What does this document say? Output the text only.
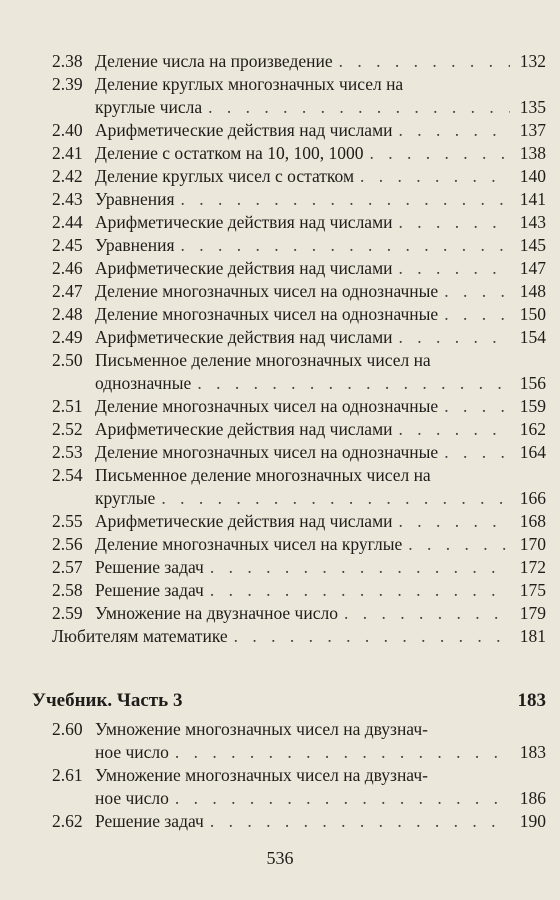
2.38 Деление числа на произведение . . .	132
2.39 Деление круглых многозначных чисел на
круглые числа . . .	135
2.40 Арифметические действия над числами . . .	137
2.41 Деление с остатком на 10, 100, 1000 . . .	138
2.42 Деление круглых чисел с остатком . . .	140
2.43 Уравнения . . .	141
2.44 Арифметические действия над числами . . .	143
2.45 Уравнения . . .	145
2.46 Арифметические действия над числами . . .	147
2.47 Деление многозначных чисел на однозначные . . .	148
2.48 Деление многозначных чисел на однозначные . . .	150
2.49 Арифметические действия над числами . . .	154
2.50 Письменное деление многозначных чисел на
однозначные . . .	156
2.51 Деление многозначных чисел на однозначные . . .	159
2.52 Арифметические действия над числами . . .	162
2.53 Деление многозначных чисел на однозначные . . .	164
2.54 Письменное деление многозначных чисел на
круглые . . .	166
2.55 Арифметические действия над числами . . .	168
2.56 Деление многозначных чисел на круглые . . .	170
2.57 Решение задач . . .	172
2.58 Решение задач . . .	175
2.59 Умножение на двузначное число . . .	179
Любителям математике . . .	181
Учебник. Часть 3	183
2.60 Умножение многозначных чисел на двузнач-
ное число . . .	183
2.61 Умножение многозначных чисел на двузнач-
ное число . . .	186
2.62 Решение задач . . .	190
536
